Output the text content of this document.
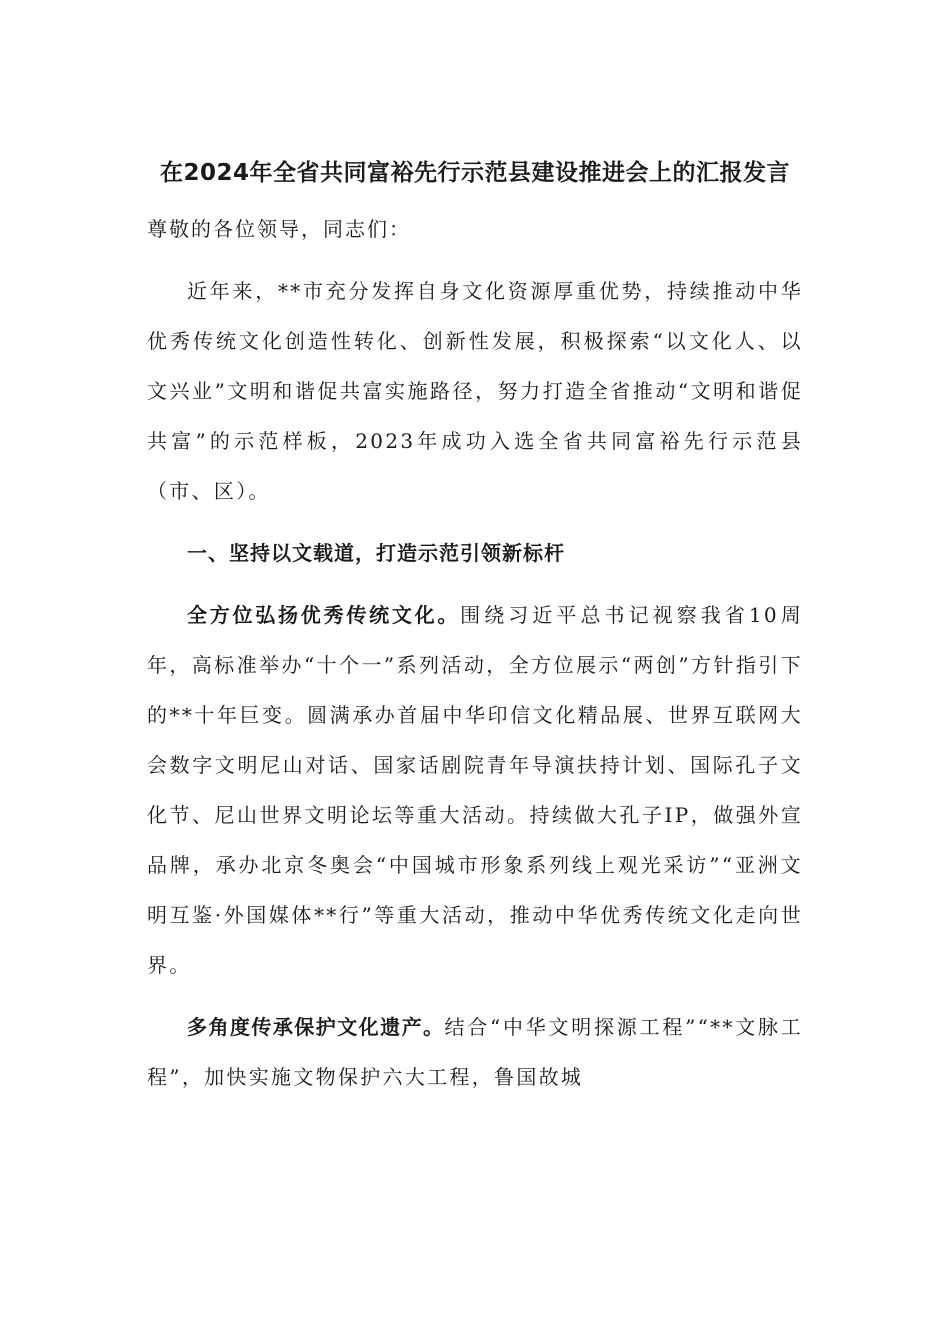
在2024年全省共同富裕先行示范县建设推进会上的汇报发言

尊敬的各位领导，同志们：

近年来，**市充分发挥自身文化资源厚重优势，持续推动中华优秀传统文化创造性转化、创新性发展，积极探索“以文化人、以文兴业”文明和谐促共富实施路径，努力打造全省推动“文明和谐促共富”的示范样板，2023年成功入选全省共同富裕先行示范县（市、区）。

一、坚持以文载道，打造示范引领新标杆

全方位弘扬优秀传统文化。围绕习近平总书记视察我省10周年，高标准举办“十个一”系列活动，全方位展示“两创”方针指引下的**十年巨变。圆满承办首届中华印信文化精品展、世界互联网大会数字文明尼山对话、国家话剧院青年导演扶持计划、国际孔子文化节、尼山世界文明论坛等重大活动。持续做大孔子IP，做强外宣品牌，承办北京冬奥会“中国城市形象系列线上观光采访”“亚洲文明互鉴·外国媒体**行”等重大活动，推动中华优秀传统文化走向世界。

多角度传承保护文化遗产。结合“中华文明探源工程”“**文脉工程”，加快实施文物保护六大工程，鲁国故城
